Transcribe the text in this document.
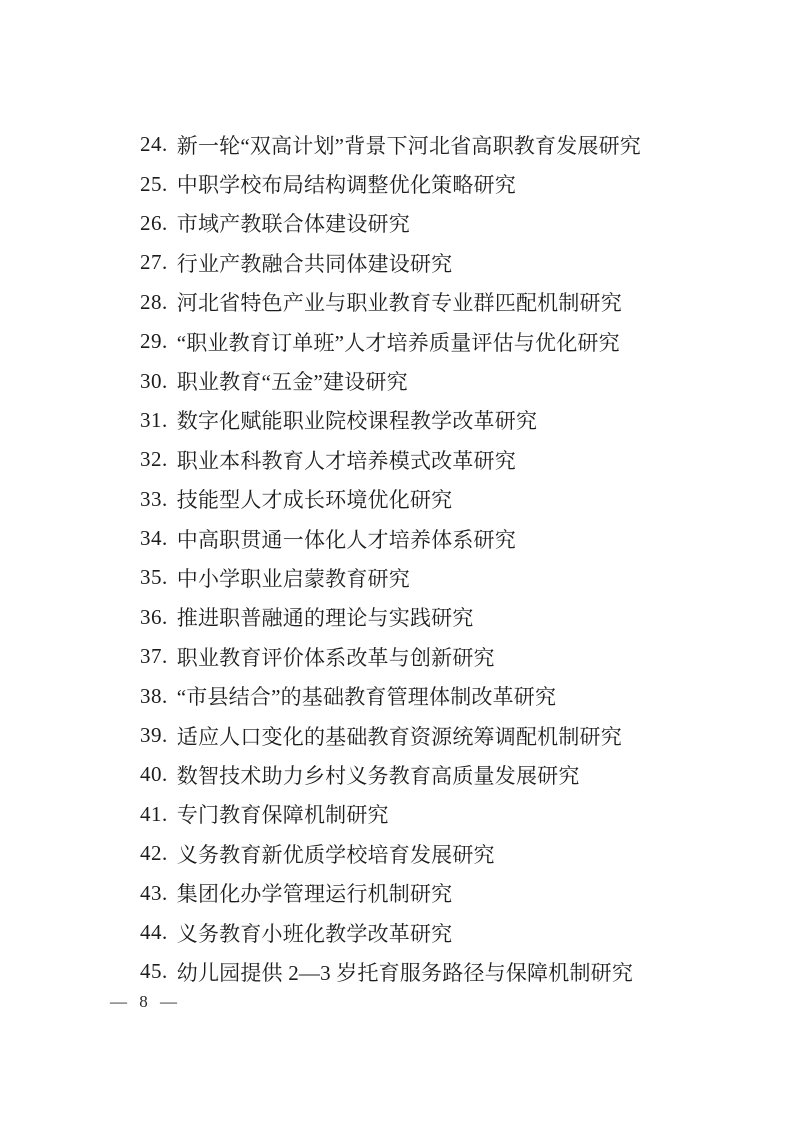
24. 新一轮“双高计划”背景下河北省高职教育发展研究
25. 中职学校布局结构调整优化策略研究
26. 市域产教联合体建设研究
27. 行业产教融合共同体建设研究
28. 河北省特色产业与职业教育专业群匹配机制研究
29. “职业教育订单班”人才培养质量评估与优化研究
30. 职业教育“五金”建设研究
31. 数字化赋能职业院校课程教学改革研究
32. 职业本科教育人才培养模式改革研究
33. 技能型人才成长环境优化研究
34. 中高职贯通一体化人才培养体系研究
35. 中小学职业启蒙教育研究
36. 推进职普融通的理论与实践研究
37. 职业教育评价体系改革与创新研究
38. “市县结合”的基础教育管理体制改革研究
39. 适应人口变化的基础教育资源统筹调配机制研究
40. 数智技术助力乡村义务教育高质量发展研究
41. 专门教育保障机制研究
42. 义务教育新优质学校培育发展研究
43. 集团化办学管理运行机制研究
44. 义务教育小班化教学改革研究
45. 幼儿园提供 2—3 岁托育服务路径与保障机制研究
— 8 —
